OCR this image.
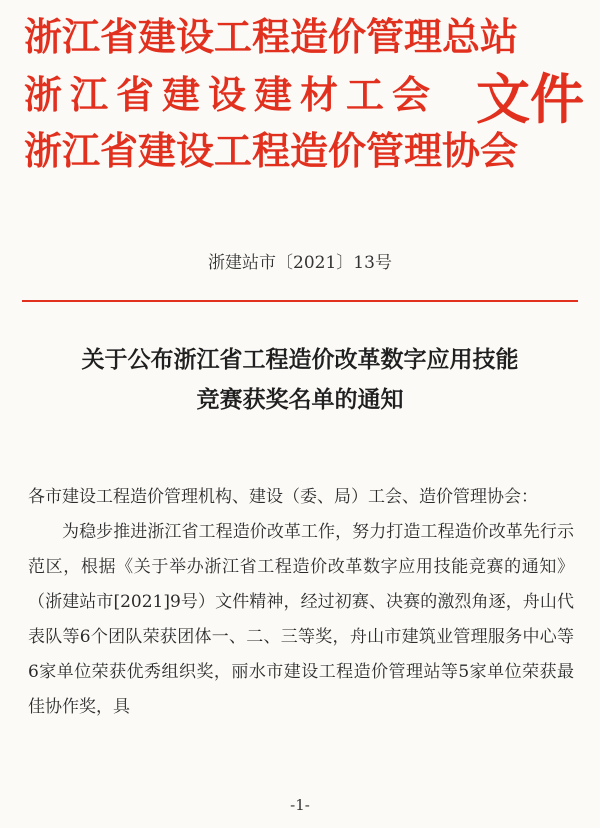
浙江省建设工程造价管理总站
浙江省建设建材工会
浙江省建设工程造价管理协会
文件
浙建站市〔2021〕13号
关于公布浙江省工程造价改革数字应用技能
竞赛获奖名单的通知

各市建设工程造价管理机构、建设（委、局）工会、造价管理协会：

为稳步推进浙江省工程造价改革工作，努力打造工程造价改革先行示范区，根据《关于举办浙江省工程造价改革数字应用技能竞赛的通知》（浙建站市[2021]9号）文件精神，经过初赛、决赛的激烈角逐，舟山代表队等6个团队荣获团体一、二、三等奖，舟山市建筑业管理服务中心等6家单位荣获优秀组织奖，丽水市建设工程造价管理站等5家单位荣获最佳协作奖，具

-1-
